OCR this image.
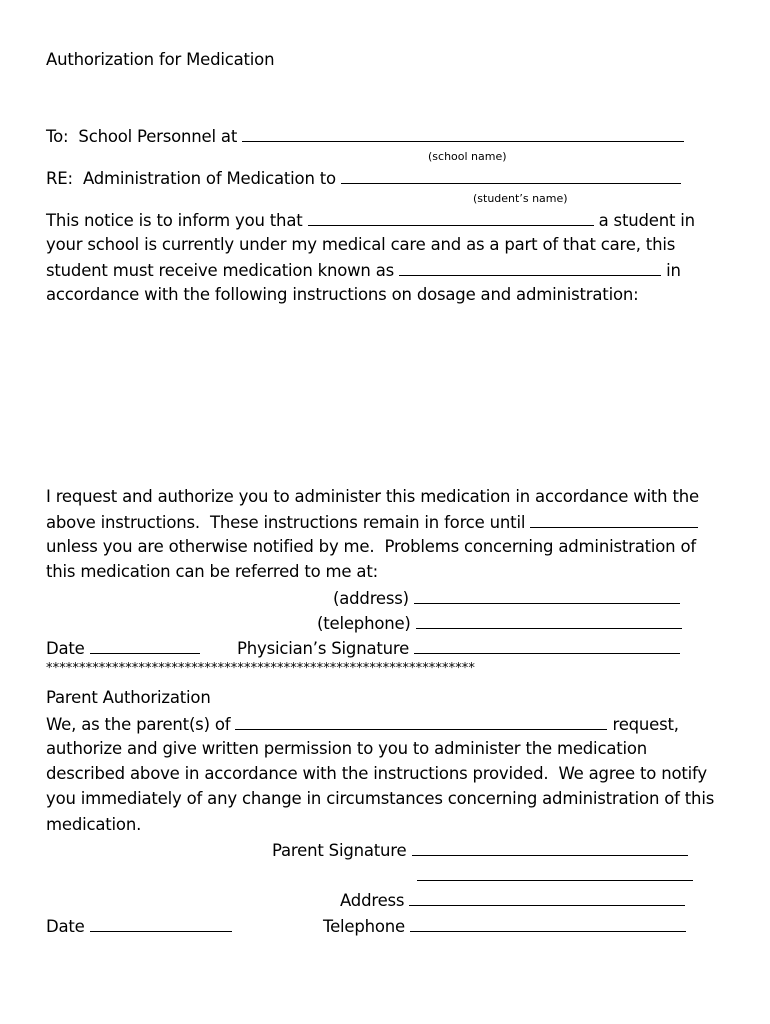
Authorization for Medication

To:  School Personnel at

(school name)

RE:  Administration of Medication to

(student’s name)

This notice is to inform you that	a student in

your school is currently under my medical care and as a part of that care, this

student must receive medication known as	in

accordance with the following instructions on dosage and administration:

I request and authorize you to administer this medication in accordance with the

above instructions.  These instructions remain in force until

unless you are otherwise notified by me.  Problems concerning administration of

this medication can be referred to me at:

(address)

(telephone)

Date	Physician’s Signature

*****************************************************************

Parent Authorization

We, as the parent(s) of	request,

authorize and give written permission to you to administer the medication

described above in accordance with the instructions provided.  We agree to notify

you immediately of any change in circumstances concerning administration of this

medication.

Parent Signature

Address

Date	Telephone
